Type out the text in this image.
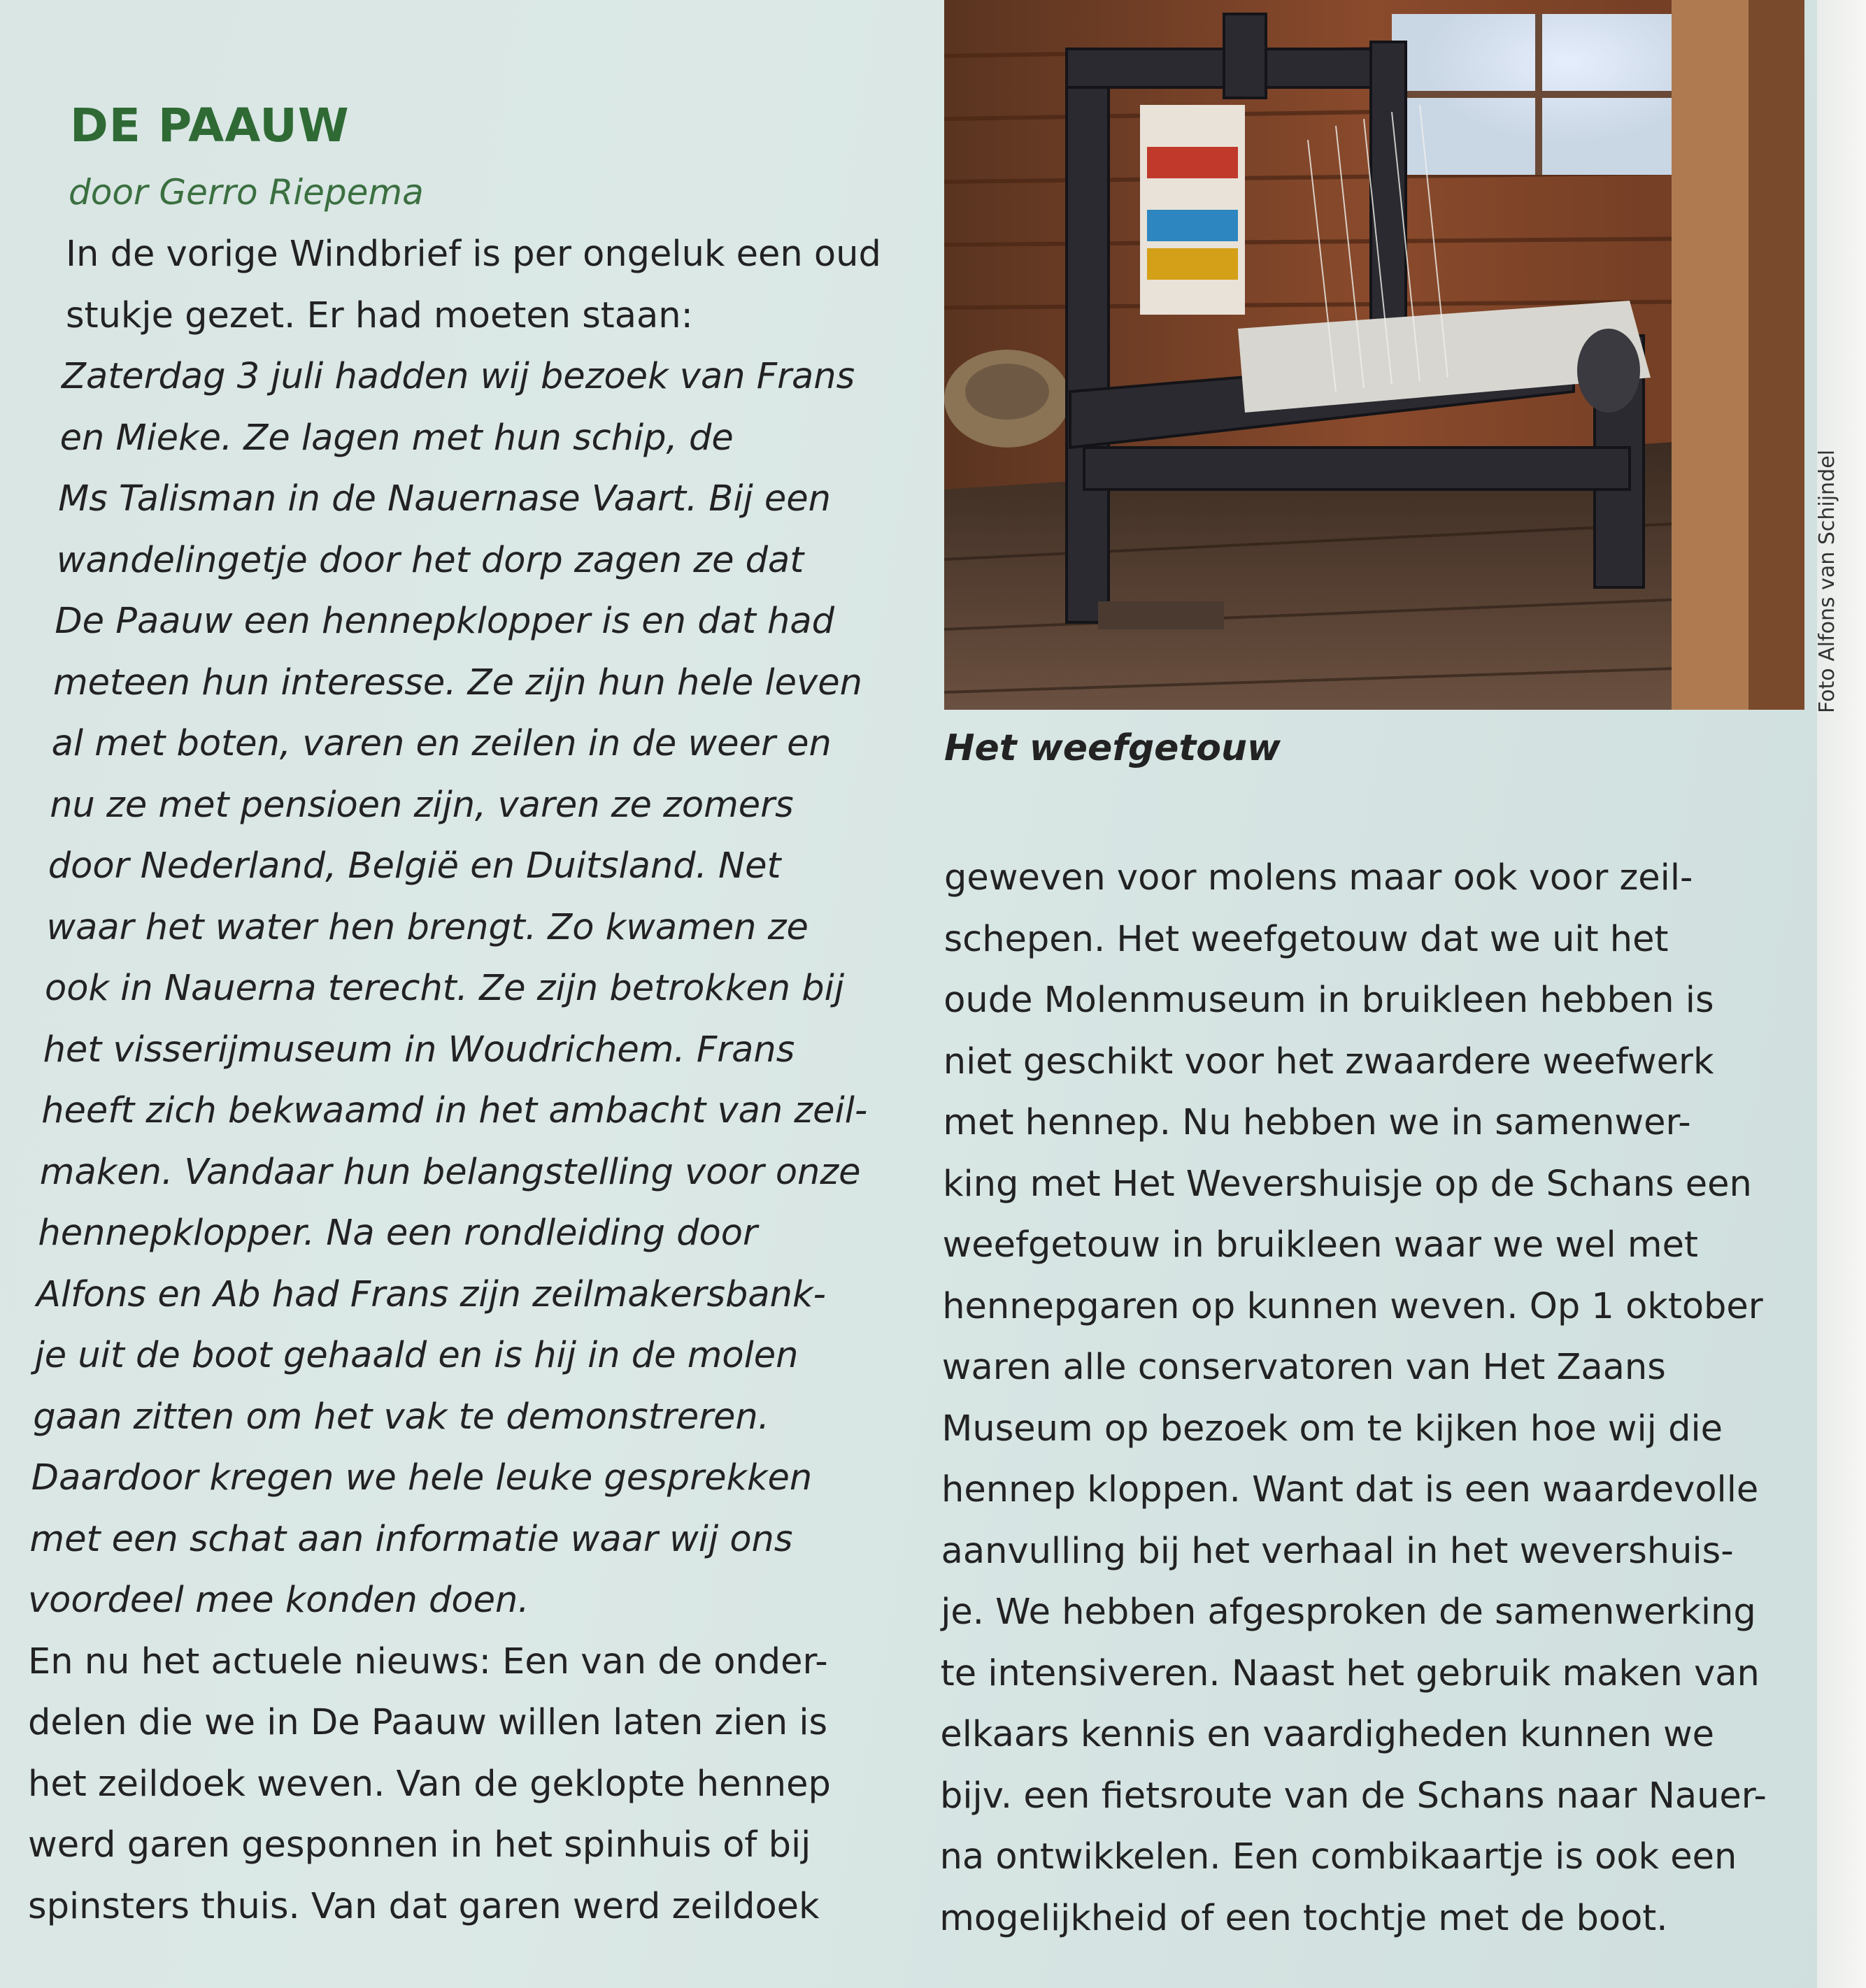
DE PAAUW
door Gerro Riepema

In de vorige Windbrief is per ongeluk een oud
stukje gezet. Er had moeten staan:

Zaterdag 3 juli hadden wij bezoek van Frans
en Mieke. Ze lagen met hun schip, de
Ms Talisman in de Nauernase Vaart. Bij een
wandelingetje door het dorp zagen ze dat
De Paauw een hennepklopper is en dat had
meteen hun interesse. Ze zijn hun hele leven
al met boten, varen en zeilen in de weer en
nu ze met pensioen zijn, varen ze zomers
door Nederland, België en Duitsland. Net
waar het water hen brengt. Zo kwamen ze
ook in Nauerna terecht. Ze zijn betrokken bij
het visserijmuseum in Woudrichem. Frans
heeft zich bekwaamd in het ambacht van zeil-
maken. Vandaar hun belangstelling voor onze
hennepklopper. Na een rondleiding door
Alfons en Ab had Frans zijn zeilmakersbank-
je uit de boot gehaald en is hij in de molen
gaan zitten om het vak te demonstreren.
Daardoor kregen we hele leuke gesprekken
met een schat aan informatie waar wij ons
voordeel mee konden doen.

En nu het actuele nieuws: Een van de onder-
delen die we in De Paauw willen laten zien is
het zeildoek weven. Van de geklopte hennep
werd garen gesponnen in het spinhuis of bij
spinsters thuis. Van dat garen werd zeildoek

Foto Alfons van Schijndel
Het weefgetouw

geweven voor molens maar ook voor zeil-
schepen. Het weefgetouw dat we uit het
oude Molenmuseum in bruikleen hebben is
niet geschikt voor het zwaardere weefwerk
met hennep. Nu hebben we in samenwer-
king met Het Wevershuisje op de Schans een
weefgetouw in bruikleen waar we wel met
hennepgaren op kunnen weven. Op 1 oktober
waren alle conservatoren van Het Zaans
Museum op bezoek om te kijken hoe wij die
hennep kloppen. Want dat is een waardevolle
aanvulling bij het verhaal in het wevershuis-
je. We hebben afgesproken de samenwerking
te intensiveren. Naast het gebruik maken van
elkaars kennis en vaardigheden kunnen we
bijv. een fietsroute van de Schans naar Nauer-
na ontwikkelen. Een combikaartje is ook een
mogelijkheid of een tochtje met de boot.
